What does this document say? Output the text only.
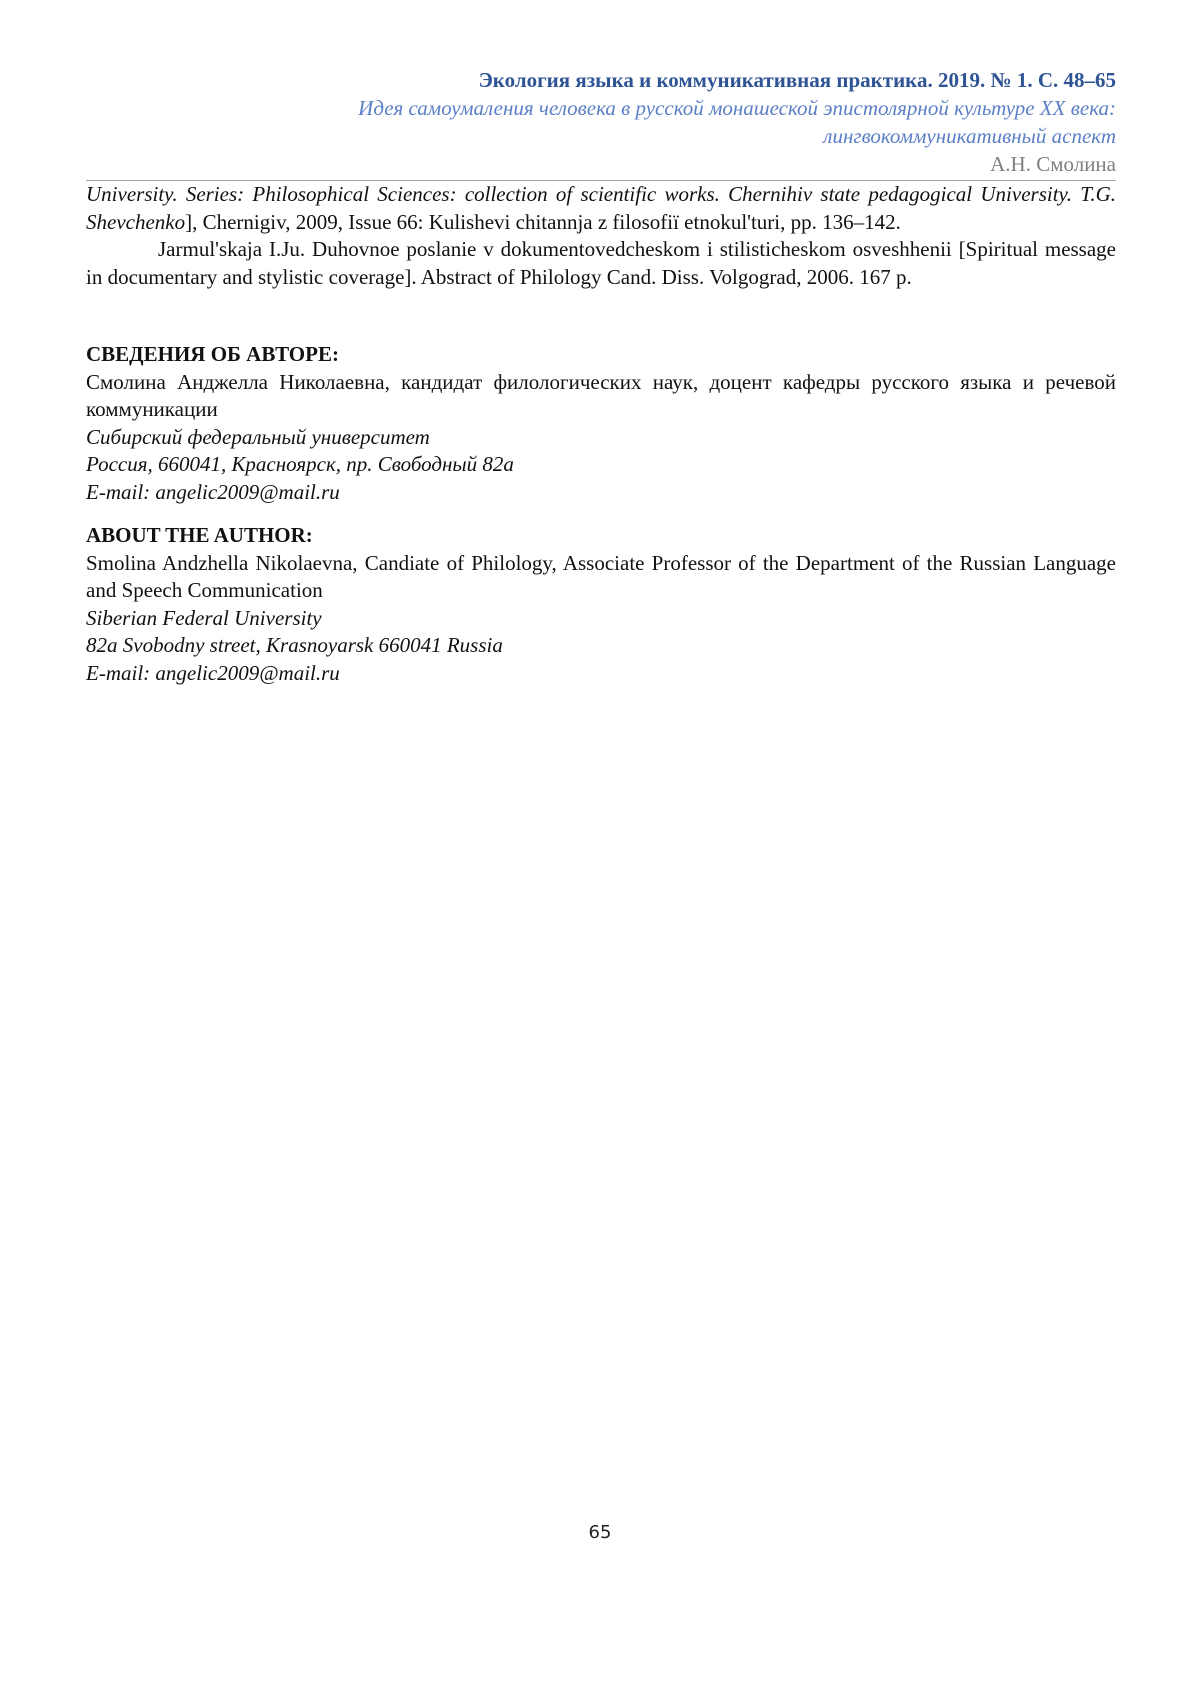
Экология языка и коммуникативная практика. 2019. № 1. С. 48–65
Идея самоумаления человека в русской монашеской эпистолярной культуре XX века:
лингвокоммуникативный аспект
А.Н. Смолина

University. Series: Philosophical Sciences: collection of scientific works. Chernihiv state pedagogical University. T.G. Shevchenko], Chernigiv, 2009, Issue 66: Kulishevi chitannja z filosofiї etnokul'turi, pp. 136–142.

Jarmul'skaja I.Ju. Duhovnoe poslanie v dokumentovedcheskom i stilisticheskom osveshhenii [Spiritual message in documentary and stylistic coverage]. Abstract of Philology Cand. Diss. Volgograd, 2006. 167 p.

СВЕДЕНИЯ ОБ АВТОРЕ:

Смолина Анджелла Николаевна, кандидат филологических наук, доцент кафедры русского языка и речевой коммуникации

Сибирский федеральный университет

Россия, 660041, Красноярск, пр. Свободный 82а

E-mail: angelic2009@mail.ru

ABOUT THE AUTHOR:

Smolina Andzhella Nikolaevna, Candiate of Philology, Associate Professor of the Department of the Russian Language and Speech Communication

Siberian Federal University

82a Svobodny street, Krasnoyarsk 660041 Russia

E-mail: angelic2009@mail.ru

65
